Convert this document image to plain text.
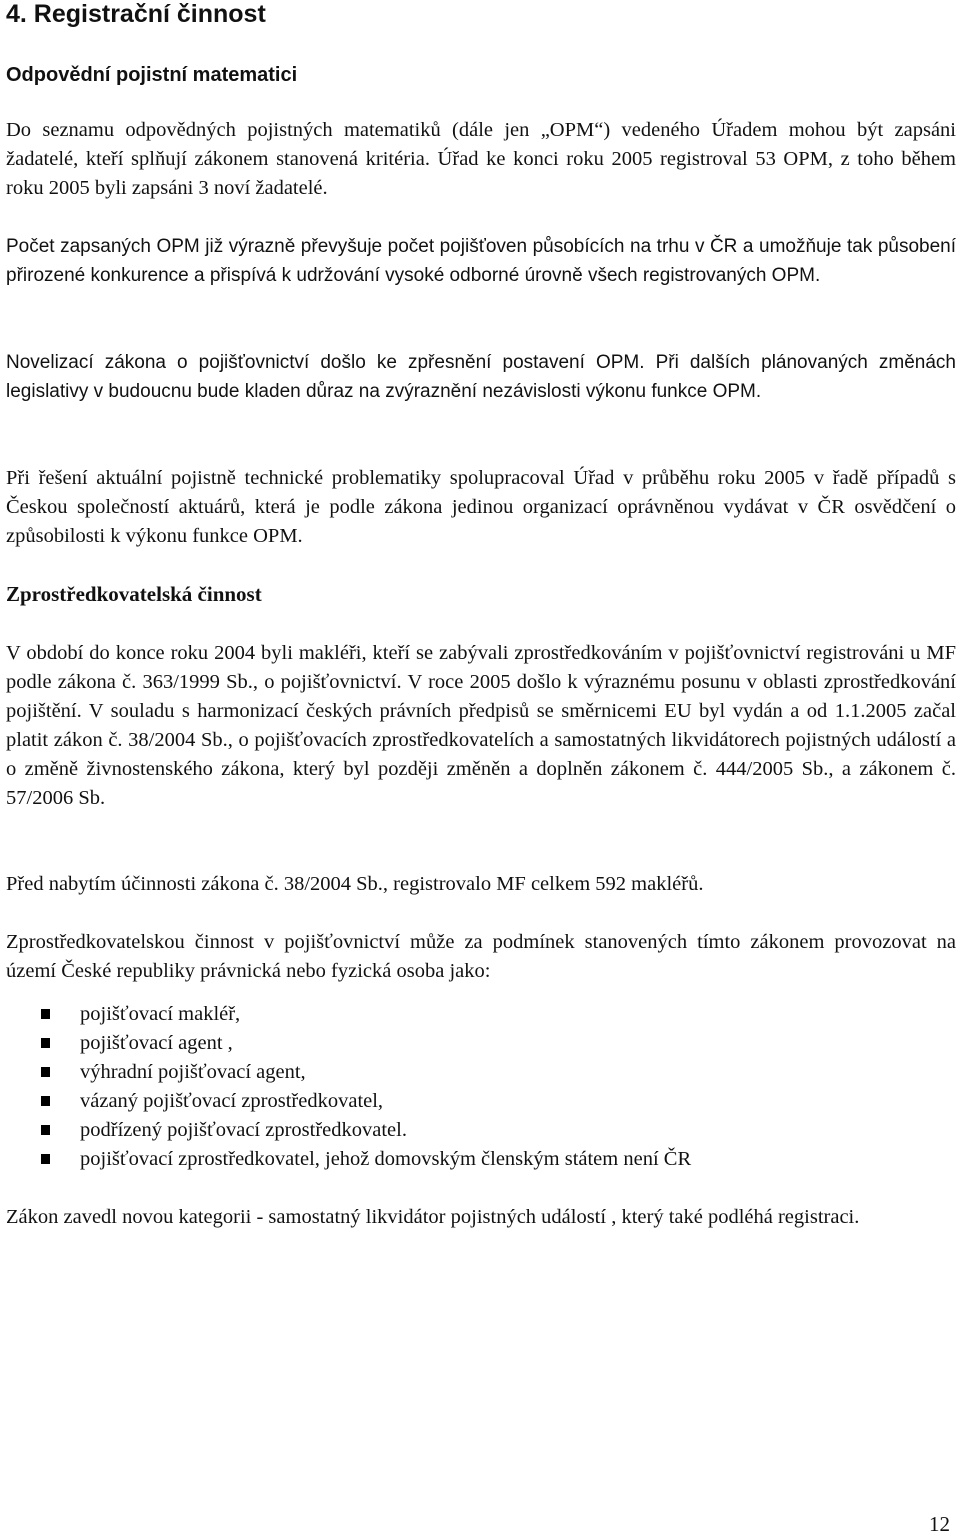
4. Registrační činnost
Odpovědní pojistní matematici

Do seznamu odpovědných pojistných matematiků (dále jen „OPM“) vedeného Úřadem mohou být zapsáni žadatelé, kteří splňují zákonem stanovená kritéria. Úřad ke konci roku 2005 registroval 53 OPM, z toho během roku 2005 byli zapsáni 3 noví žadatelé.

Počet zapsaných OPM již výrazně převyšuje počet pojišťoven působících na trhu v ČR a umožňuje tak působení přirozené konkurence a přispívá k udržování vysoké odborné úrovně všech registrovaných OPM.

Novelizací zákona o pojišťovnictví došlo ke zpřesnění postavení OPM. Při dalších plánovaných změnách legislativy v budoucnu bude kladen důraz na zvýraznění nezávislosti výkonu funkce OPM.

Při řešení aktuální pojistně technické problematiky spolupracoval Úřad v průběhu roku 2005 v řadě případů s Českou společností aktuárů, která je podle zákona jedinou organizací oprávněnou vydávat v ČR osvědčení o způsobilosti k výkonu funkce OPM.

Zprostředkovatelská činnost

V období do konce roku 2004 byli makléři, kteří se zabývali zprostředkováním v pojišťovnictví registrováni u MF podle zákona č. 363/1999 Sb., o pojišťovnictví. V roce 2005 došlo k výraznému posunu v oblasti zprostředkování pojištění. V souladu s harmonizací českých právních předpisů se směrnicemi EU byl vydán a od 1.1.2005 začal platit zákon č. 38/2004 Sb., o pojišťovacích zprostředkovatelích a samostatných likvidátorech pojistných událostí a o změně živnostenského zákona, který byl později změněn a doplněn zákonem č. 444/2005 Sb., a zákonem č. 57/2006 Sb.

Před nabytím účinnosti zákona č. 38/2004 Sb., registrovalo MF celkem 592 makléřů.

Zprostředkovatelskou činnost v pojišťovnictví může za podmínek stanovených tímto zákonem provozovat na území České republiky právnická nebo fyzická osoba jako:

pojišťovací makléř,
pojišťovací agent ,
výhradní pojišťovací agent,
vázaný pojišťovací zprostředkovatel,
podřízený pojišťovací zprostředkovatel.
pojišťovací zprostředkovatel, jehož domovským členským státem není ČR

Zákon zavedl novou kategorii - samostatný likvidátor pojistných událostí , který také podléhá registraci.

12
